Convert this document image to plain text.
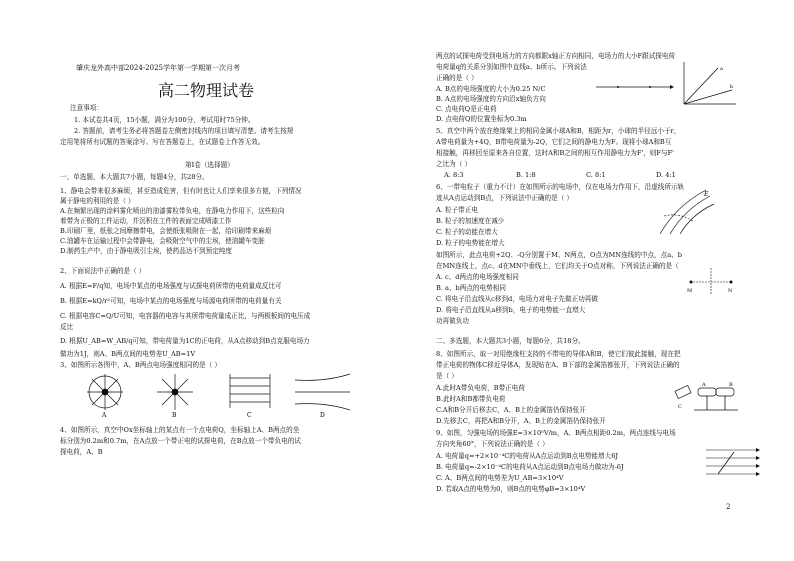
肇庆龙外高中部2024-2025学年第一学期第一次月考
高二物理试卷
注意事项：
1. 本试卷共4页，15小题，满分为100分，考试用时75分钟。
2. 答题前，请考生务必将答题卷左侧密封线内的项目填写清楚。请考生按规
定用笔将所有试题的答案涂写、写在答题卷上，在试题卷上作答无效。
第Ⅰ卷（选择题）
一、单选题，本大题共7小题，每题4分，共28分。
1、静电会带来很多麻烦，甚至造成危害，但有时也让人们享来很多方便，下列情况
属于静电的利用的是（ ）
A.在频繁出现的涂料雾化喷出的油漆雾粒带负电，在静电力作用下，这些粒向
着带为正极的工件运动，并沉积在工件的表面完成喷漆工作
B.印刷厂里，纸张之间摩擦带电，会使纸张吸附在一起，给印刷带来麻烦
C.油罐车在运输过程中会带静电，会吸附空气中的尘埃，使油罐车变脏
D.制药生产中，由于静电吸引尘埃，使药品达不到预定纯度
2、下面说法中正确的是（ ）
A. 根据E=F/q知，电场中某点的电场强度与试探电荷所带的电荷量成反比可
B. 根据E=kQ/r²可知，电场中某点的电场强度与场源电荷所带的电荷量有关
C. 根据电容C=Q/U可知，电容器的电容与其所带电荷量成正比，与两极板间的电压成
反比
D. 根据U_AB=W_AB/q可知，带电荷量为1C的正电荷，从A点移动到B点克服电场力
做功为1J，则A、B两点间的电势差U_AB=1V
3、如图所示各图中，A、B两点电场强度相同的是（ ）
A	B	C	D
4、如图所示，真空中Ox坐标轴上的某点有一个点电荷Q，坐标轴上A、B两点的坐
标分别为0.2m和0.7m，在A点放一个带正电的试探电荷，在B点放一个带负电的试
探电荷，A、B
两点的试探电荷受到电场力的方向都跟x轴正方向相同，电场力的大小F跟试探电荷
电荷量q的关系分别如图中直线a、b所示。下列说法
正确的是（ ）
A. B点的电场强度的大小为0.25 N/C
B. A点的电场强度的方向沿x轴负方向
C. 点电荷Q是正电荷
D. 点电荷Q的位置坐标为0.3m
a
b
5、真空中两个放在绝缘架上的相同金属小球A和B，相距为r，小球的半径远小于r，
A带电荷量为+4Q，B带电荷量为-2Q，它们之间的静电力为F。现将小球A和B互
相接触，再移回至原来各自位置，这时A和B之间的相互作用静电力为F'，则F与F'
之比为（ ）
A. 8:3	B. 1:8	C. 8:1	D. 4:1
6、一带电粒子（重力不计）在如图所示的电场中，仅在电场力作用下，沿虚线所示轨
迹从A点运动到B点，下列说法中正确的是（ ）
A. 粒子带正电
B. 粒子的加速度在减少
C. 粒子的动能在增大
D. 粒子的电势能在增大
E
如图所示，此点电荷+2Q、-Q分别置于M、N两点，O点为MN连线的中点，点a、b
在MN连线上，点c、d在MN中垂线上，它们均关于O点对称，下列说法正确的是（
A. c、d两点的电场强度相同
B. a、b两点的电势相同
C. 将电子沿直线从c移到d，电场力对电子先做正功再做
D. 将电子沿直线从a移到b，电子的电势能一直增大
功再做负功
M	N
二、多选题，本大题共3小题，每题6分，共18分。
8、如图所示，取一对用绝缘柱支持的不带电的导体A和B，使它们彼此接触，现在把
带正电荷的物体C移近导体A，发现贴在A、B下部的金属箔都张开，下列说法正确的
是（ ）
A.此时A带负电荷，B带正电荷
B.此时A和B都带负电荷
C.A和B分开后移去C，A、B上的金属箔仍保持张开
D.先移去C，再把A和B分开，A、B上的金属箔仍保持张开
C
A	B
9、如图，匀强电场的场强E=3×10⁵V/m，A、B两点相距0.2m，两点连线与电场
方向夹角60°，下列说法正确的是（ ）
A. 电荷量q=+2×10⁻⁴C的电荷从A点运动到B点电势能增大6J
B. 电荷量q=-2×10⁻⁴C的电荷从A点运动到B点电场力做功为-6J
C. A、B两点间的电势差为U_AB=3×10⁴V
D. 若取A点的电势为0，则B点的电势φB=3×10⁴V
2
